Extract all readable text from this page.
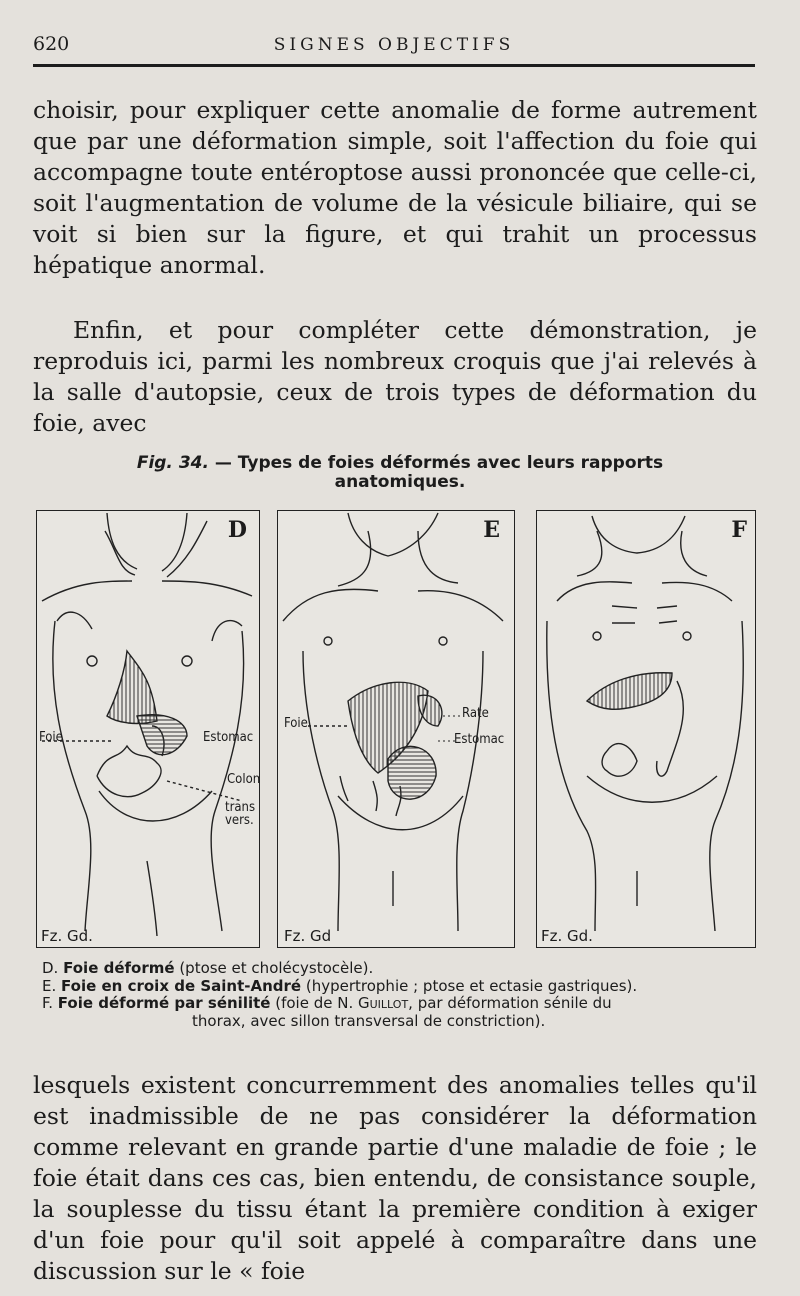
620	SIGNES OBJECTIFS

choisir, pour expliquer cette anomalie de forme autrement que par une déformation simple, soit l'affection du foie qui accompagne toute entéroptose aussi prononcée que celle-ci, soit l'augmentation de volume de la vésicule biliaire, qui se voit si bien sur la figure, et qui trahit un processus hépatique anormal.

Enfin, et pour compléter cette démonstration, je reproduis ici, parmi les nombreux croquis que j'ai relevés à la salle d'autopsie, ceux de trois types de déformation du foie, avec

Fig. 34. — Types de foies déformés avec leurs rapports anatomiques.
D
Foie	Estomac
Colon
trans
vers.
Fz. Gd.
E
Foie
Rate
Estomac
Fz. Gd
F
Fz. Gd.

D. Foie déformé (ptose et cholécystocèle).

E. Foie en croix de Saint-André (hypertrophie ; ptose et ectasie gastriques).

F. Foie déformé par sénilité (foie de N. Guillot, par déformation sénile du

thorax, avec sillon transversal de constriction).

lesquels existent concurremment des anomalies telles qu'il est inadmissible de ne pas considérer la déformation comme relevant en grande partie d'une maladie de foie ; le foie était dans ces cas, bien entendu, de consistance souple, la souplesse du tissu étant la première condition à exiger d'un foie pour qu'il soit appelé à comparaître dans une discussion sur le « foie
